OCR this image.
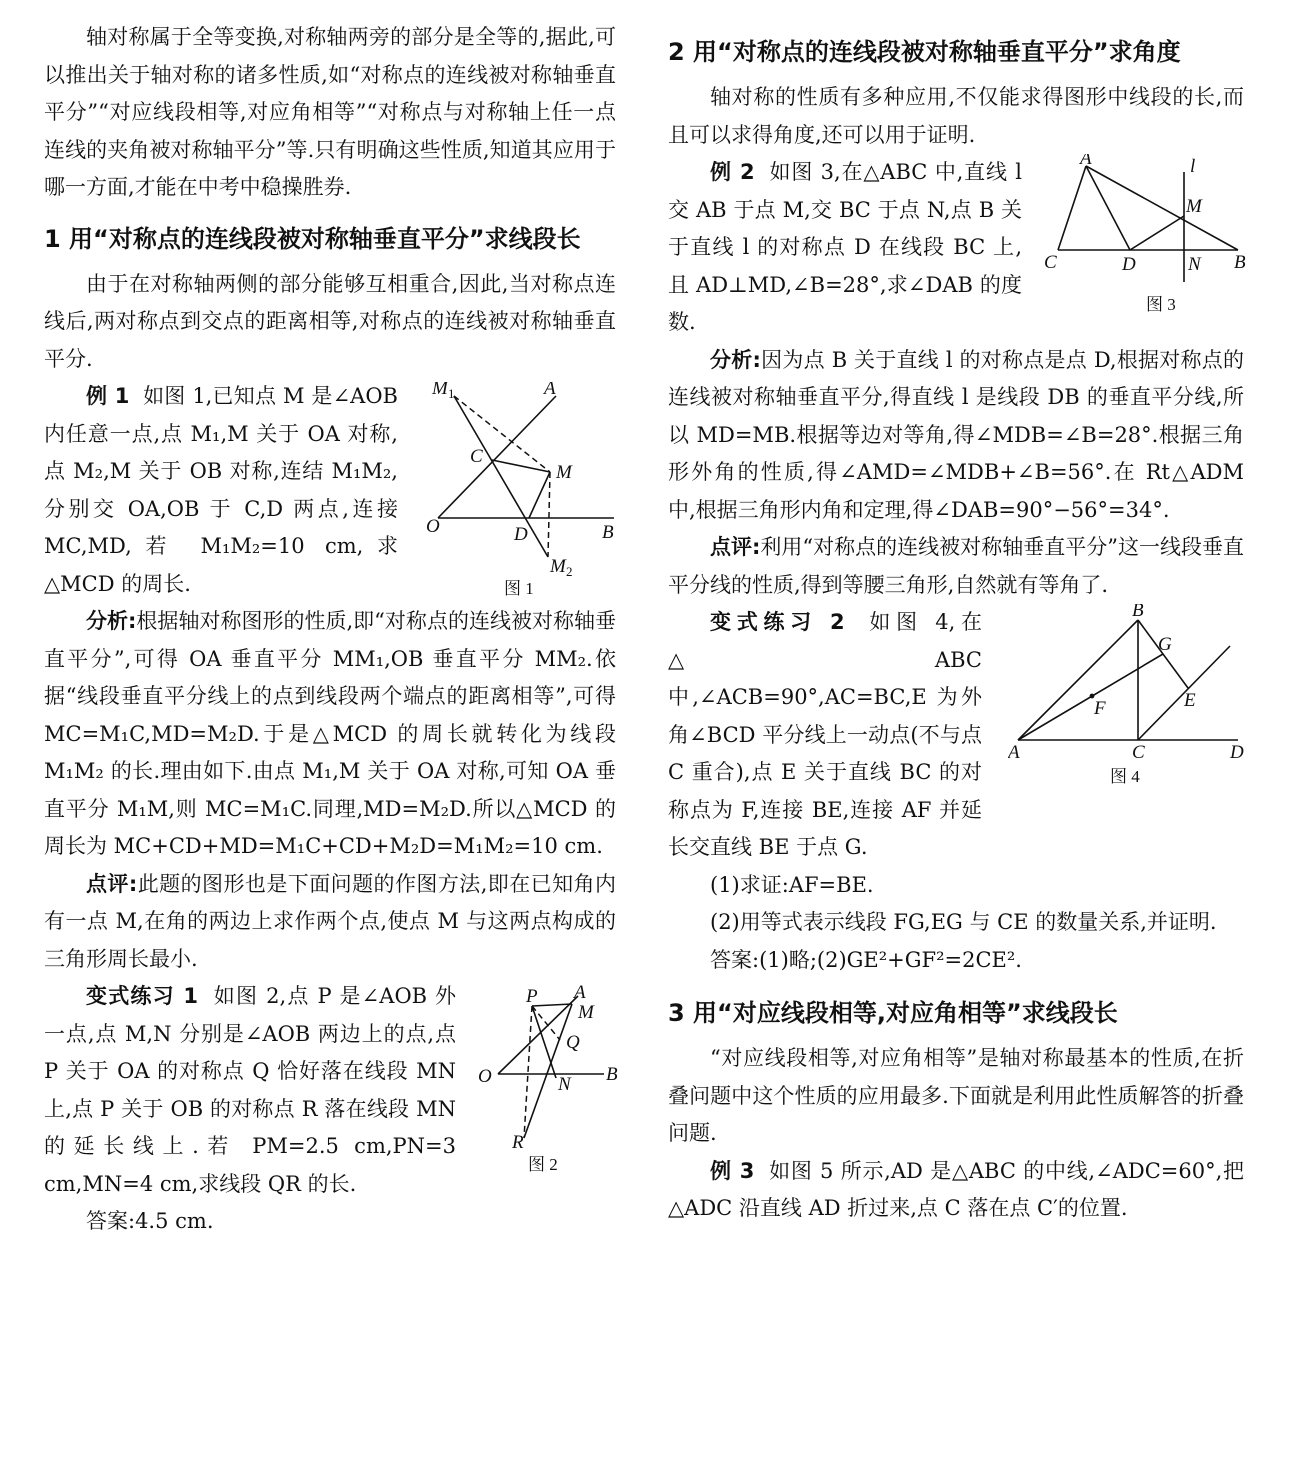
轴对称属于全等变换,对称轴两旁的部分是全等的,据此,可以推出关于轴对称的诸多性质,如“对称点的连线被对称轴垂直平分”“对应线段相等,对应角相等”“对称点与对称轴上任一点连线的夹角被对称轴平分”等.只有明确这些性质,知道其应用于哪一方面,才能在中考中稳操胜券.

1 用“对称点的连线段被对称轴垂直平分”求线段长

由于在对称轴两侧的部分能够互相重合,因此,当对称点连线后,两对称点到交点的距离相等,对称点的连线被对称轴垂直平分.

M 1	A
C
M
O	D	B
M 2
图 1

例 1 如图 1,已知点 M 是∠AOB 内任意一点,点 M₁,M 关于 OA 对称,点 M₂,M 关于 OB 对称,连结 M₁M₂,分别交 OA,OB 于 C,D 两点,连接 MC,MD,若 M₁M₂=10 cm,求△MCD 的周长.

分析:根据轴对称图形的性质,即“对称点的连线被对称轴垂直平分”,可得 OA 垂直平分 MM₁,OB 垂直平分 MM₂.依据“线段垂直平分线上的点到线段两个端点的距离相等”,可得 MC=M₁C,MD=M₂D.于是△MCD 的周长就转化为线段 M₁M₂ 的长.理由如下.由点 M₁,M 关于 OA 对称,可知 OA 垂直平分 M₁M,则 MC=M₁C.同理,MD=M₂D.所以△MCD 的周长为 MC+CD+MD=M₁C+CD+M₂D=M₁M₂=10 cm.

点评:此题的图形也是下面问题的作图方法,即在已知角内有一点 M,在角的两边上求作两个点,使点 M 与这两点构成的三角形周长最小.

P A
M
Q
O	N B
R
图 2

变式练习 1 如图 2,点 P 是∠AOB 外一点,点 M,N 分别是∠AOB 两边上的点,点 P 关于 OA 的对称点 Q 恰好落在线段 MN 上,点 P 关于 OB 的对称点 R 落在线段 MN 的延长线上.若 PM=2.5 cm,PN=3 cm,MN=4 cm,求线段 QR 的长.

答案:4.5 cm.

2 用“对称点的连线段被对称轴垂直平分”求角度

轴对称的性质有多种应用,不仅能求得图形中线段的长,而且可以求得角度,还可以用于证明.

A	l
M
C	D	N B
图 3

例 2 如图 3,在△ABC 中,直线 l 交 AB 于点 M,交 BC 于点 N,点 B 关于直线 l 的对称点 D 在线段 BC 上,且 AD⊥MD,∠B=28°,求∠DAB 的度数.

分析:因为点 B 关于直线 l 的对称点是点 D,根据对称点的连线被对称轴垂直平分,得直线 l 是线段 DB 的垂直平分线,所以 MD=MB.根据等边对等角,得∠MDB=∠B=28°.根据三角形外角的性质,得∠AMD=∠MDB+∠B=56°.在 Rt△ADM 中,根据三角形内角和定理,得∠DAB=90°−56°=34°.

点评:利用“对称点的连线被对称轴垂直平分”这一线段垂直平分线的性质,得到等腰三角形,自然就有等角了.

B
G
F	E
A	C	D
图 4

变式练习 2 如图 4,在△ABC 中,∠ACB=90°,AC=BC,E 为外角∠BCD 平分线上一动点(不与点 C 重合),点 E 关于直线 BC 的对称点为 F,连接 BE,连接 AF 并延长交直线 BE 于点 G.

(1)求证:AF=BE.

(2)用等式表示线段 FG,EG 与 CE 的数量关系,并证明.

答案:(1)略;(2)GE²+GF²=2CE².

3 用“对应线段相等,对应角相等”求线段长

“对应线段相等,对应角相等”是轴对称最基本的性质,在折叠问题中这个性质的应用最多.下面就是利用此性质解答的折叠问题.

例 3 如图 5 所示,AD 是△ABC 的中线,∠ADC=60°,把△ADC 沿直线 AD 折过来,点 C 落在点 C′的位置.
